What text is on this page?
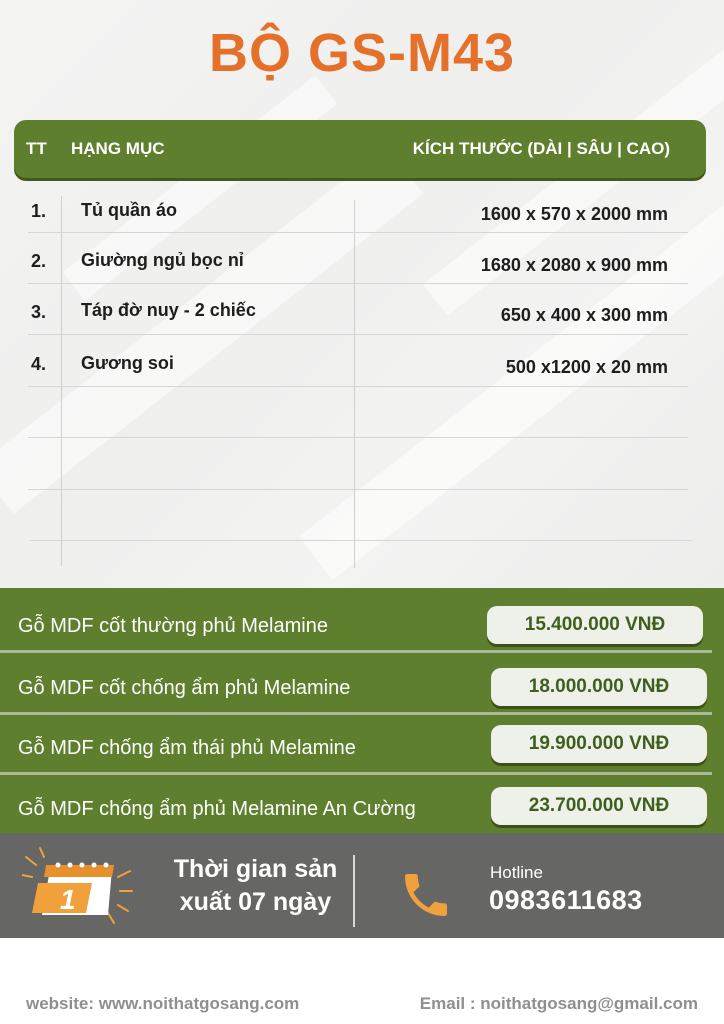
BỘ GS-M43
TT HẠNG MỤC	KÍCH THƯỚC (DÀI | SÂU | CAO)
1. Tủ quần áo	1600 x 570 x 2000 mm
2. Giường ngủ bọc nỉ	1680 x 2080 x 900 mm
3. Táp đờ nuy - 2 chiếc	650 x 400 x 300 mm
4. Gương soi	500 x1200 x 20 mm
Gỗ MDF cốt thường phủ Melamine	15.400.000 VNĐ
Gỗ MDF cốt chống ẩm phủ Melamine	18.000.000 VNĐ
Gỗ MDF chống ẩm thái phủ Melamine	19.900.000 VNĐ
Gỗ MDF chống ẩm phủ Melamine An Cường	23.700.000 VNĐ
1
Thời gian sản
xuất 07 ngày
Hotline
0983611683
website: www.noithatgosang.com	Email : noithatgosang@gmail.com
